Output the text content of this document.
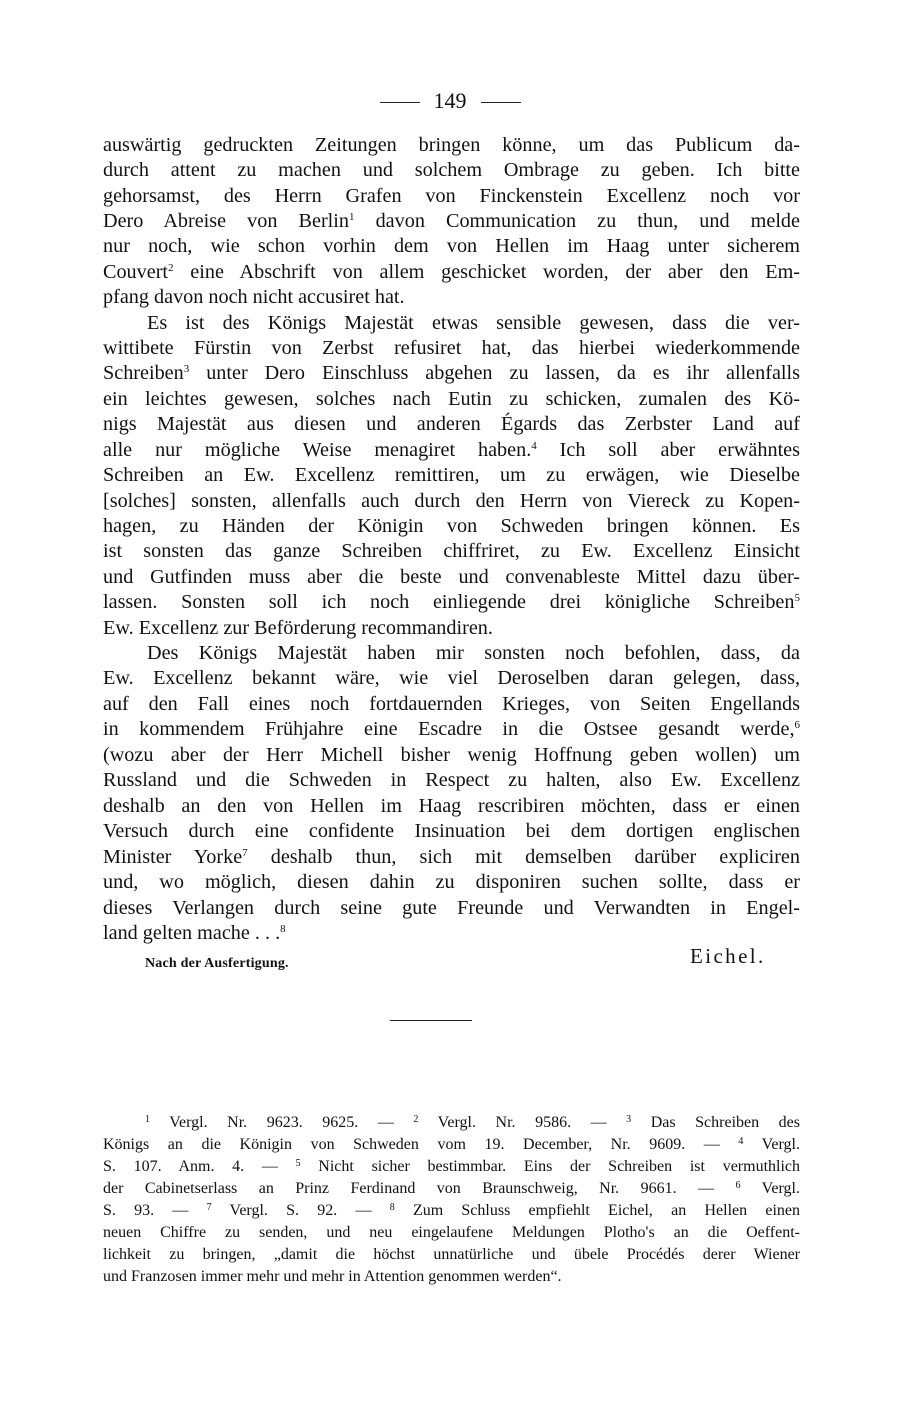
149
auswärtig gedruckten Zeitungen bringen könne, um das Publicum da-
durch attent zu machen und solchem Ombrage zu geben. Ich bitte
gehorsamst, des Herrn Grafen von Finckenstein Excellenz noch vor
Dero Abreise von Berlin$^1$ davon Communication zu thun, und melde
nur noch, wie schon vorhin dem von Hellen im Haag unter sicherem
Couvert$^2$ eine Abschrift von allem geschicket worden, der aber den Em-
pfang davon noch nicht accusiret hat.
Es ist des Königs Majestät etwas sensible gewesen, dass die ver-
wittibete Fürstin von Zerbst refusiret hat, das hierbei wiederkommende
Schreiben$^3$ unter Dero Einschluss abgehen zu lassen, da es ihr allenfalls
ein leichtes gewesen, solches nach Eutin zu schicken, zumalen des Kö-
nigs Majestät aus diesen und anderen Égards das Zerbster Land auf
alle nur mögliche Weise menagiret haben.$^4$ Ich soll aber erwähntes
Schreiben an Ew. Excellenz remittiren, um zu erwägen, wie Dieselbe
[solches] sonsten, allenfalls auch durch den Herrn von Viereck zu Kopen-
hagen, zu Händen der Königin von Schweden bringen können. Es
ist sonsten das ganze Schreiben chiffriret, zu Ew. Excellenz Einsicht
und Gutfinden muss aber die beste und convenableste Mittel dazu über-
lassen. Sonsten soll ich noch einliegende drei königliche Schreiben$^5$
Ew. Excellenz zur Beförderung recommandiren.
Des Königs Majestät haben mir sonsten noch befohlen, dass, da
Ew. Excellenz bekannt wäre, wie viel Deroselben daran gelegen, dass,
auf den Fall eines noch fortdauernden Krieges, von Seiten Engellands
in kommendem Frühjahre eine Escadre in die Ostsee gesandt werde,$^6$
(wozu aber der Herr Michell bisher wenig Hoffnung geben wollen) um
Russland und die Schweden in Respect zu halten, also Ew. Excellenz
deshalb an den von Hellen im Haag rescribiren möchten, dass er einen
Versuch durch eine confidente Insinuation bei dem dortigen englischen
Minister Yorke$^7$ deshalb thun, sich mit demselben darüber expliciren
und, wo möglich, diesen dahin zu disponiren suchen sollte, dass er
dieses Verlangen durch seine gute Freunde und Verwandten in Engel-
land gelten mache . . .$^8$
Eichel.
Nach der Ausfertigung.
$^1$ Vergl. Nr. 9623. 9625. — $^2$ Vergl. Nr. 9586. — $^3$ Das Schreiben des
Königs an die Königin von Schweden vom 19. December, Nr. 9609. — $^4$ Vergl.
S. 107. Anm. 4. — $^5$ Nicht sicher bestimmbar. Eins der Schreiben ist vermuthlich
der Cabinetserlass an Prinz Ferdinand von Braunschweig, Nr. 9661. — $^6$ Vergl.
S. 93. — $^7$ Vergl. S. 92. — $^8$ Zum Schluss empfiehlt Eichel, an Hellen einen
neuen Chiffre zu senden, und neu eingelaufene Meldungen Plotho's an die Oeffent-
lichkeit zu bringen, „damit die höchst unnatürliche und übele Procédés derer Wiener
und Franzosen immer mehr und mehr in Attention genommen werden“.
